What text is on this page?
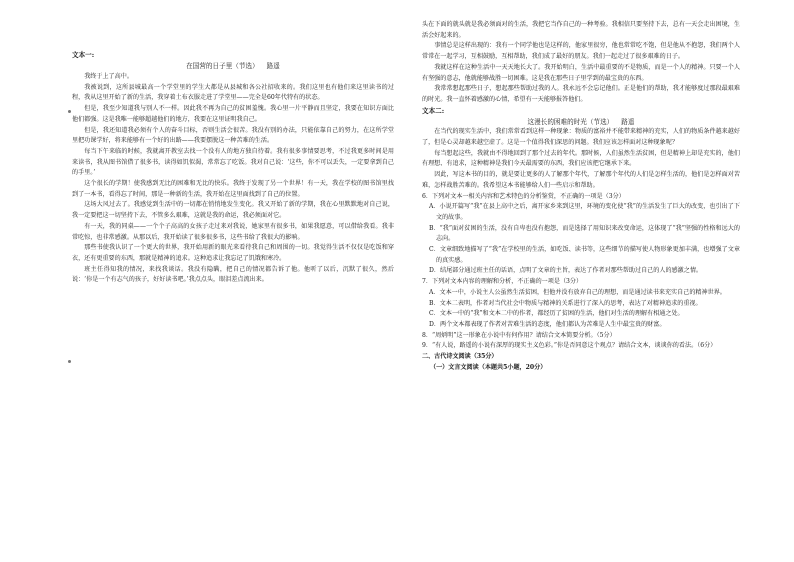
文本一:

在国营的日子里（节选） 路遥

我终于上了高中。

我被说到，这所县城最高一个学堂里的学生大都是从县城和各公社招收来的。我们这里也有他们来这里读书的过程，我从这里开始了新的生活，我穿着土布衣服走进了学堂里——完全是60年代特有的状态。

但是，我至少知道我与别人不一样。因此我不再为自己的贫困羞愧。我心里一片平静而且坚定，我要在知识方面比他们都强。这是我唯一能够超越他们的地方，我要在这里证明我自己。

但是，我还知道我必须有个人的奋斗目标，否则生活会很苦。我没有别的办法，只能依靠自己的努力，在这所学堂里把功课学好，将来能够有一个好的出路——我要摆脱这一种苦难的生活。

每当下午来临的时候，我就离开教室去找一个没有人的地方独自待着。我有很多事情要思考，不过我更多时间是用来读书，我从图书馆借了很多书，读得如饥似渴，常常忘了吃饭。我对自己说：‘这些，你不可以丢失，一定要拿到自己的手里。’

这个很长的学期！使我感到无比的困难和无比的快乐。我终于发现了另一个世界！有一天，我在学校的图书馆里找到了一本书，看得忘了时间，那是一种新的生活，我开始在这里面找到了自己的位置。

这场大风过去了。我感觉到生活中的一切都在悄悄地发生变化。我又开始了新的学期，我在心里默默地对自己说，我一定要把这一切坚持下去，不管多么艰难，这就是我的命运，我必须面对它。

有一天，我的同桌——一个个子高高的女孩子走过来对我说，她家里有很多书，如果我愿意，可以借给我看。我非常吃惊，也非常感激。从那以后，我开始读了很多很多书，这些书给了我很大的影响。

那些书使我认识了一个更大的世界，我开始用新的眼光来看待我自己和周围的一切。我觉得生活不仅仅是吃饭和穿衣，还有更重要的东西，那就是精神的追求。这种追求让我忘记了饥饿和寒冷。

班主任得知我的情况，来找我谈话。我没有隐瞒，把自己的情况都告诉了他。他听了以后，沉默了很久，然后说：‘你是一个有志气的孩子，好好读书吧。’我点点头，眼泪差点流出来。

头在下面的就头就是我必须面对的生活，我把它当作自己的一种考验。我相信只要坚持下去，总有一天会走出困境，生活会好起来的。

事情总是这样出现的：我有一个同学他也是这样的，他家里很穷，他也常常吃不饱，但是他从不抱怨，我们两个人常常在一起学习，互相鼓励，互相帮助，我们成了最好的朋友。我们一起走过了很多艰难的日子。

我就这样在这种生活中一天天地长大了。我开始明白，生活中最重要的不是物质，而是一个人的精神。只要一个人有坚强的意志，他就能够战胜一切困难。这是我在那些日子里学到的最宝贵的东西。

我常常想起那些日子，想起那些帮助过我的人。我永远不会忘记他们。正是他们的帮助，我才能够度过那段最艰难的时光。我一直怀着感激的心情，希望有一天能够报答他们。

文本二:

这漫长的困难的时光（节选） 路遥

在当代的现实生活中，我们常常看到这样一种现象：物质的富裕并不能带来精神的充实，人们的物质条件越来越好了，但是心灵却越来越空虚了。这是一个值得我们深思的问题。我们应该怎样面对这种现象呢？

每当想起这些，我就由不得地回到了那个过去的年代。那时候，人们虽然生活贫困，但是精神上却是充实的，他们有理想、有追求，这种精神是我们今天最需要的东西，我们应该把它继承下来。

因此，写这本书的目的，就是要让更多的人了解那个年代，了解那个年代的人们是怎样生活的，他们是怎样面对苦难，怎样战胜苦难的。我希望这本书能够给人们一些启示和帮助。

6．下列对文本一相关内容和艺术特色的分析鉴赏，不正确的一项是（3分）

A．小说开篇写“我”在县上高中之后，离开家乡来到这里，环境的变化使“我”的生活发生了巨大的改变，也引出了下文的故事。

B．“我”面对贫困的生活，没有自卑也没有抱怨，而是选择了用知识来改变命运，这体现了“我”坚强的性格和远大的志向。

C．文章细致地描写了“我”在学校里的生活，如吃饭、读书等，这些细节的描写使人物形象更加丰满，也增强了文章的真实感。

D．结尾部分通过班主任的话语，点明了文章的主旨，表达了作者对那些帮助过自己的人的感激之情。

7．下列对文本内容的理解和分析，不正确的一项是（3分）

A．文本一中，小说主人公虽然生活贫困，但他并没有放弃自己的理想，而是通过读书来充实自己的精神世界。

B．文本二表明，作者对当代社会中物质与精神的关系进行了深入的思考，表达了对精神追求的重视。

C．文本一中的“我”和文本二中的作者，都经历了贫困的生活，他们对生活的理解有相通之处。

D．两个文本都表现了作者对苦难生活的态度，他们都认为苦难是人生中最宝贵的财富。

8．“周炳明”这一形象在小说中有何作用？请结合文本简要分析。（5分）

9．“有人说，路遥的小说有深厚的现实主义色彩。”你是否同意这个观点？请结合文本，谈谈你的看法。（6分）

二、古代诗文阅读（35分）

（一）文言文阅读（本题共5小题，20分）
